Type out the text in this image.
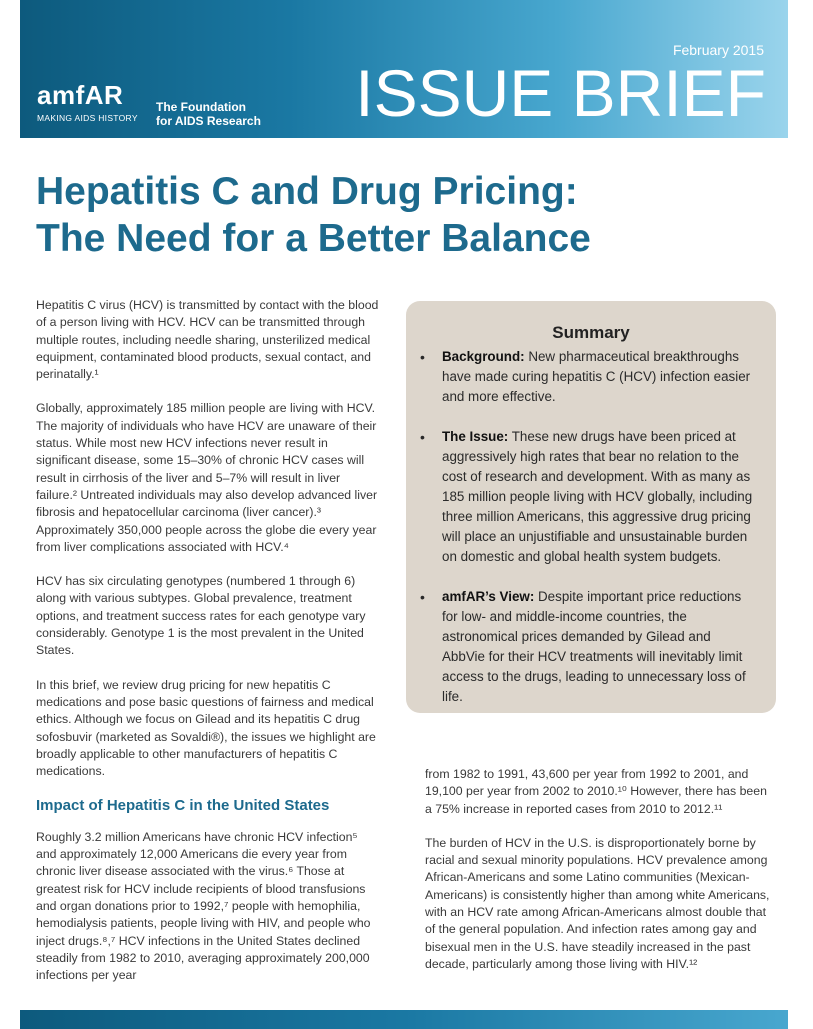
amfAR
MAKING AIDS HISTORY
The Foundation
for AIDS Research
February 2015
ISSUE BRIEF
Hepatitis C and Drug Pricing:
The Need for a Better Balance

Hepatitis C virus (HCV) is transmitted by contact with the blood of a person living with HCV. HCV can be transmitted through multiple routes, including needle sharing, unsterilized medical equipment, contaminated blood products, sexual contact, and perinatally.¹

Globally, approximately 185 million people are living with HCV. The majority of individuals who have HCV are unaware of their status. While most new HCV infections never result in significant disease, some 15–30% of chronic HCV cases will result in cirrhosis of the liver and 5–7% will result in liver failure.² Untreated individuals may also develop advanced liver fibrosis and hepatocellular carcinoma (liver cancer).³ Approximately 350,000 people across the globe die every year from liver complications associated with HCV.⁴

HCV has six circulating genotypes (numbered 1 through 6) along with various subtypes. Global prevalence, treatment options, and treatment success rates for each genotype vary considerably. Genotype 1 is the most prevalent in the United States.

In this brief, we review drug pricing for new hepatitis C medications and pose basic questions of fairness and medical ethics. Although we focus on Gilead and its hepatitis C drug sofosbuvir (marketed as Sovaldi®), the issues we highlight are broadly applicable to other manufacturers of hepatitis C medications.

Impact of Hepatitis C in the United States

Roughly 3.2 million Americans have chronic HCV infection⁵ and approximately 12,000 Americans die every year from chronic liver disease associated with the virus.⁶ Those at greatest risk for HCV include recipients of blood transfusions and organ donations prior to 1992,⁷ people with hemophilia, hemodialysis patients, people living with HIV, and people who inject drugs.⁸,⁷ HCV infections in the United States declined steadily from 1982 to 2010, averaging approximately 200,000 infections per year

Summary
• Background: New pharmaceutical breakthroughs have made curing hepatitis C (HCV) infection easier and more effective.
• The Issue: These new drugs have been priced at aggressively high rates that bear no relation to the cost of research and development. With as many as 185 million people living with HCV globally, including three million Americans, this aggressive drug pricing will place an unjustifiable and unsustainable burden on domestic and global health system budgets.
• amfAR’s View: Despite important price reductions for low- and middle-income countries, the astronomical prices demanded by Gilead and AbbVie for their HCV treatments will inevitably limit access to the drugs, leading to unnecessary loss of life.

from 1982 to 1991, 43,600 per year from 1992 to 2001, and 19,100 per year from 2002 to 2010.¹⁰ However, there has been a 75% increase in reported cases from 2010 to 2012.¹¹

The burden of HCV in the U.S. is disproportionately borne by racial and sexual minority populations. HCV prevalence among African-Americans and some Latino communities (Mexican-Americans) is consistently higher than among white Americans, with an HCV rate among African-Americans almost double that of the general population. And infection rates among gay and bisexual men in the U.S. have steadily increased in the past decade, particularly among those living with HIV.¹²
